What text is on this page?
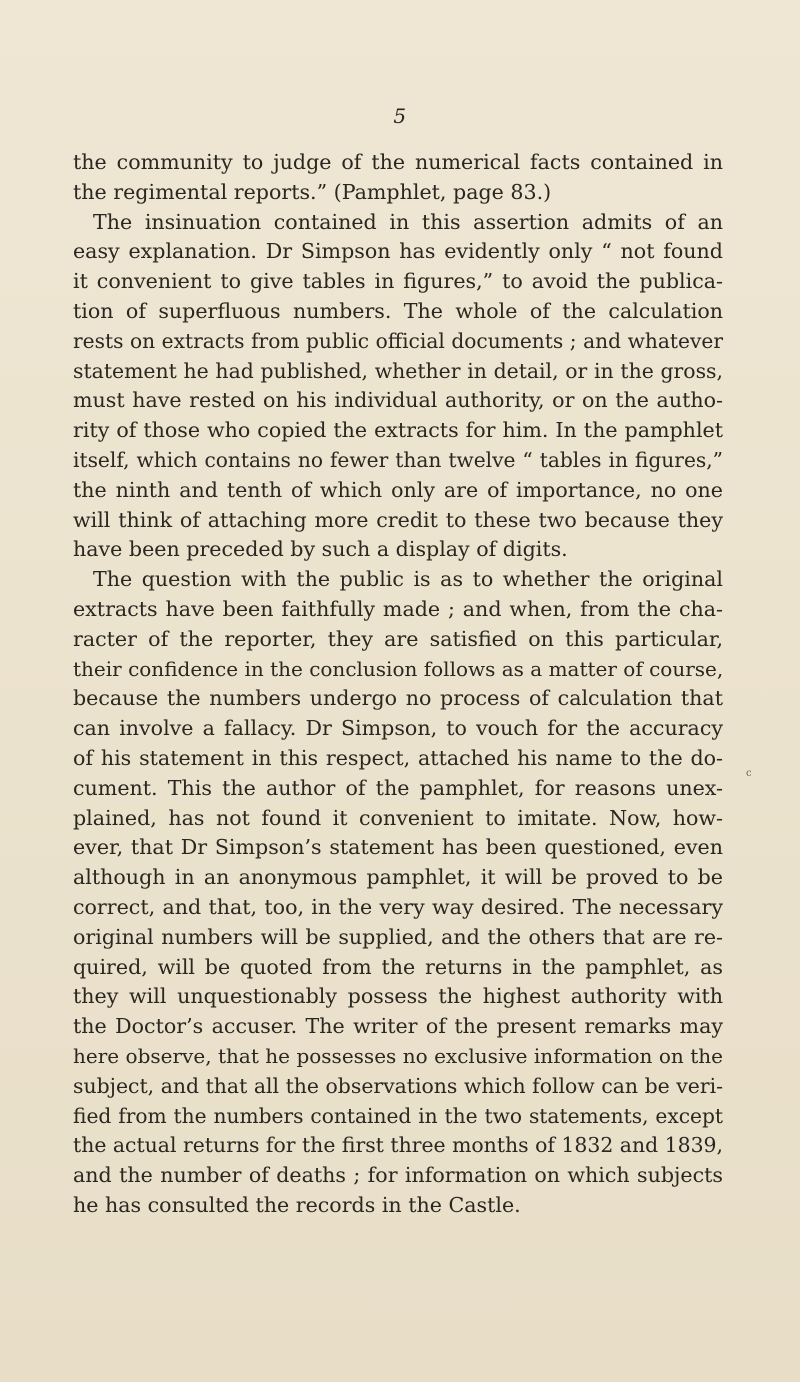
5
the community to judge of the numerical facts contained in
the regimental reports.” (Pamphlet, page 83.)
The insinuation contained in this assertion admits of an
easy explanation. Dr Simpson has evidently only “ not found
it convenient to give tables in figures,” to avoid the publica-
tion of superfluous numbers. The whole of the calculation
rests on extracts from public official documents ; and whatever
statement he had published, whether in detail, or in the gross,
must have rested on his individual authority, or on the autho-
rity of those who copied the extracts for him. In the pamphlet
itself, which contains no fewer than twelve “ tables in figures,”
the ninth and tenth of which only are of importance, no one
will think of attaching more credit to these two because they
have been preceded by such a display of digits.
The question with the public is as to whether the original
extracts have been faithfully made ; and when, from the cha-
racter of the reporter, they are satisfied on this particular,
their confidence in the conclusion follows as a matter of course,
because the numbers undergo no process of calculation that
can involve a fallacy. Dr Simpson, to vouch for the accuracy
of his statement in this respect, attached his name to the do-
cument. This the author of the pamphlet, for reasons unex-
plained, has not found it convenient to imitate. Now, how-
ever, that Dr Simpson’s statement has been questioned, even
although in an anonymous pamphlet, it will be proved to be
correct, and that, too, in the very way desired. The necessary
original numbers will be supplied, and the others that are re-
quired, will be quoted from the returns in the pamphlet, as
they will unquestionably possess the highest authority with
the Doctor’s accuser. The writer of the present remarks may
here observe, that he possesses no exclusive information on the
subject, and that all the observations which follow can be veri-
fied from the numbers contained in the two statements, except
the actual returns for the first three months of 1832 and 1839,
and the number of deaths ; for information on which subjects
he has consulted the records in the Castle.
c
